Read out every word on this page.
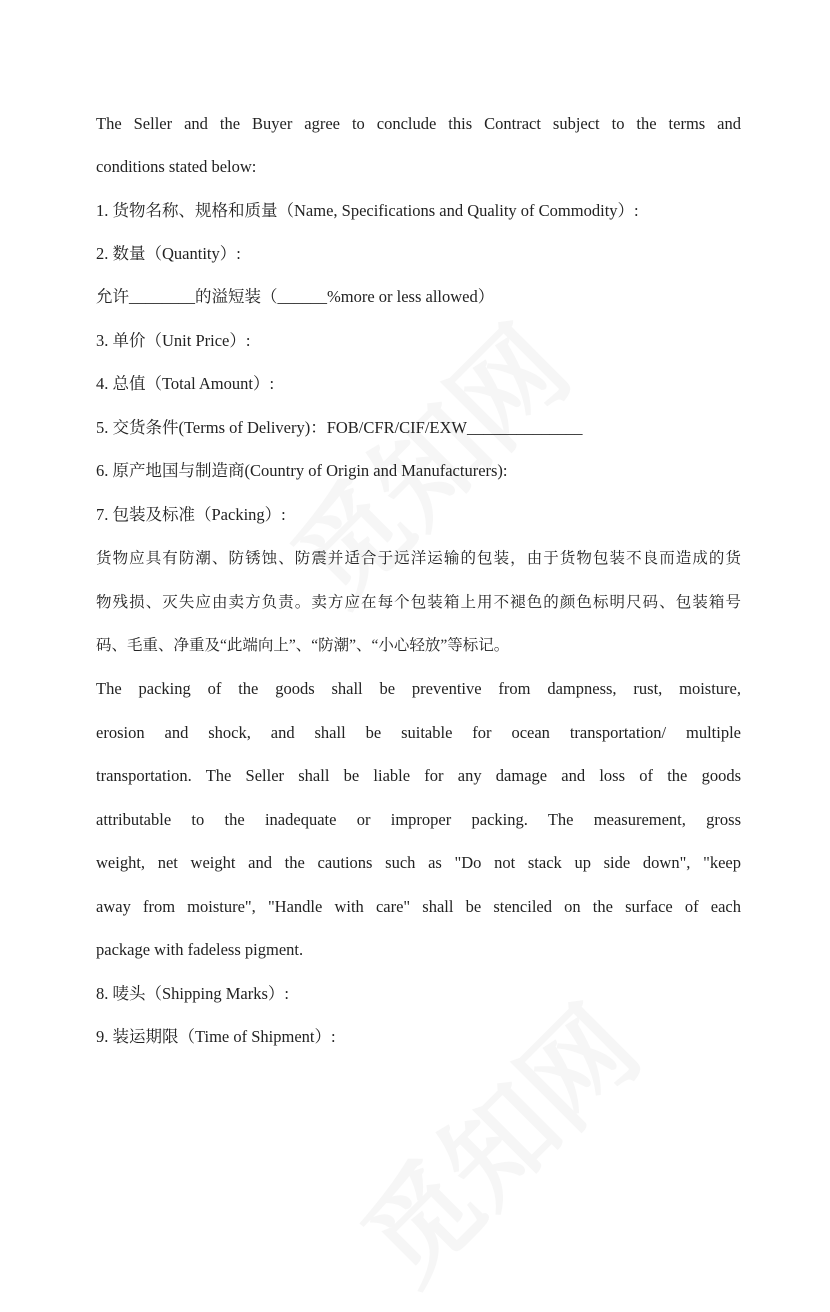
The Seller and the Buyer agree to conclude this Contract subject to the terms and
conditions stated below:
1. 货物名称、规格和质量（Name, Specifications and Quality of Commodity）:
2. 数量（Quantity）:
允许________的溢短装（______%more or less allowed）
3. 单价（Unit Price）:
4. 总值（Total Amount）:
5. 交货条件(Terms of Delivery)：FOB/CFR/CIF/EXW______________
6. 原产地国与制造商(Country of Origin and Manufacturers):
7. 包装及标准（Packing）:
货物应具有防潮、防锈蚀、防震并适合于远洋运输的包装，由于货物包装不良而造成的货
物残损、灭失应由卖方负责。卖方应在每个包装箱上用不褪色的颜色标明尺码、包装箱号
码、毛重、净重及“此端向上”、“防潮”、“小心轻放”等标记。
The packing of the goods shall be preventive from dampness, rust, moisture,
erosion and shock, and shall be suitable for ocean transportation/ multiple
transportation. The Seller shall be liable for any damage and loss of the goods
attributable to the inadequate or improper packing. The measurement, gross
weight, net weight and the cautions such as "Do not stack up side down", "keep
away from moisture", "Handle with care" shall be stenciled on the surface of each
package with fadeless pigment.
8. 唛头（Shipping Marks）:
9. 装运期限（Time of Shipment）:
